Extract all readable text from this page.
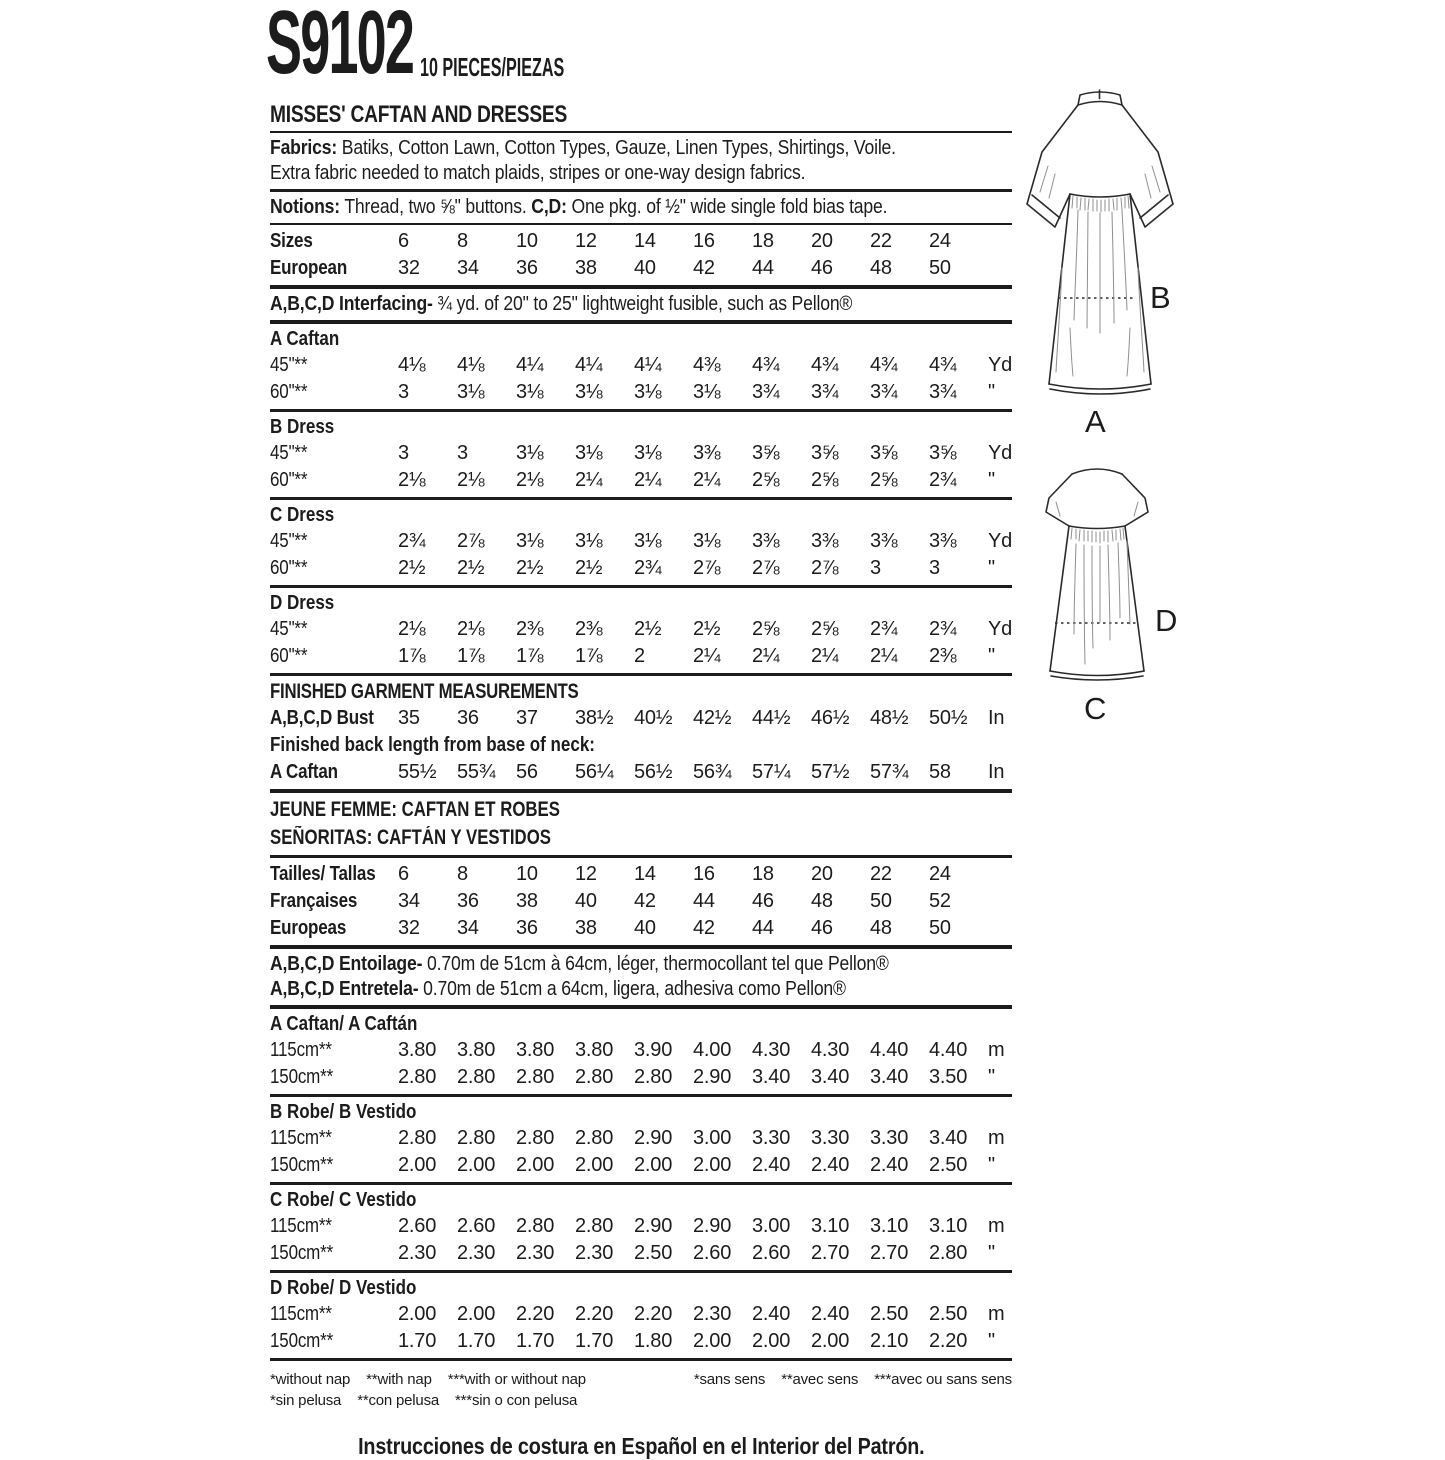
S9102 10 PIECES/PIEZAS
MISSES' CAFTAN AND DRESSES
Fabrics: Batiks, Cotton Lawn, Cotton Types, Gauze, Linen Types, Shirtings, Voile.
Extra fabric needed to match plaids, stripes or one-way design fabrics.
Notions: Thread, two ⅝" buttons. C,D: One pkg. of ½" wide single fold bias tape.
Sizes	6	8	10	12	14	16	18	20	22	24
European	32	34	36	38	40	42	44	46	48	50
A,B,C,D Interfacing- ¾ yd. of 20" to 25" lightweight fusible, such as Pellon®
A Caftan
45"**	4⅛	4⅛	4¼	4¼	4¼	4⅜	4¾	4¾	4¾	4¾	Yd
60"**	3	3⅛	3⅛	3⅛	3⅛	3⅛	3¾	3¾	3¾	3¾	"
B Dress
45"**	3	3	3⅛	3⅛	3⅛	3⅜	3⅝	3⅝	3⅝	3⅝	Yd
60"**	2⅛	2⅛	2⅛	2¼	2¼	2¼	2⅝	2⅝	2⅝	2¾	"
C Dress
45"**	2¾	2⅞	3⅛	3⅛	3⅛	3⅛	3⅜	3⅜	3⅜	3⅜	Yd
60"**	2½	2½	2½	2½	2¾	2⅞	2⅞	2⅞	3	3	"
D Dress
45"**	2⅛	2⅛	2⅜	2⅜	2½	2½	2⅝	2⅝	2¾	2¾	Yd
60"**	1⅞	1⅞	1⅞	1⅞	2	2¼	2¼	2¼	2¼	2⅜	"
FINISHED GARMENT MEASUREMENTS
A,B,C,D Bust 35	36	37	38½	40½	42½	44½	46½	48½	50½	In
Finished back length from base of neck:
A Caftan	55½	55¾	56	56¼	56½	56¾	57¼	57½	57¾	58	In
JEUNE FEMME: CAFTAN ET ROBES
SEÑORITAS: CAFTÁN Y VESTIDOS
Tailles/ Tallas 6	8	10	12	14	16	18	20	22	24
Françaises	34	36	38	40	42	44	46	48	50	52
Europeas	32	34	36	38	40	42	44	46	48	50
A,B,C,D Entoilage- 0.70m de 51cm à 64cm, léger, thermocollant tel que Pellon®
A,B,C,D Entretela- 0.70m de 51cm a 64cm, ligera, adhesiva como Pellon®
A Caftan/ A Caftán
115cm**	3.80	3.80	3.80	3.80	3.90	4.00	4.30	4.30	4.40	4.40	m
150cm**	2.80	2.80	2.80	2.80	2.80	2.90	3.40	3.40	3.40	3.50	"
B Robe/ B Vestido
115cm**	2.80	2.80	2.80	2.80	2.90	3.00	3.30	3.30	3.30	3.40	m
150cm**	2.00	2.00	2.00	2.00	2.00	2.00	2.40	2.40	2.40	2.50	"
C Robe/ C Vestido
115cm**	2.60	2.60	2.80	2.80	2.90	2.90	3.00	3.10	3.10	3.10	m
150cm**	2.30	2.30	2.30	2.30	2.50	2.60	2.60	2.70	2.70	2.80	"
D Robe/ D Vestido
115cm**	2.00	2.00	2.20	2.20	2.20	2.30	2.40	2.40	2.50	2.50	m
150cm**	1.70	1.70	1.70	1.70	1.80	2.00	2.00	2.00	2.10	2.20	"
*without nap **with nap ***with or without nap	*sans sens **avec sens ***avec ou sans sens
*sin pelusa **con pelusa ***sin o con pelusa
Instrucciones de costura en Español en el Interior del Patrón.
B
A
D
C
